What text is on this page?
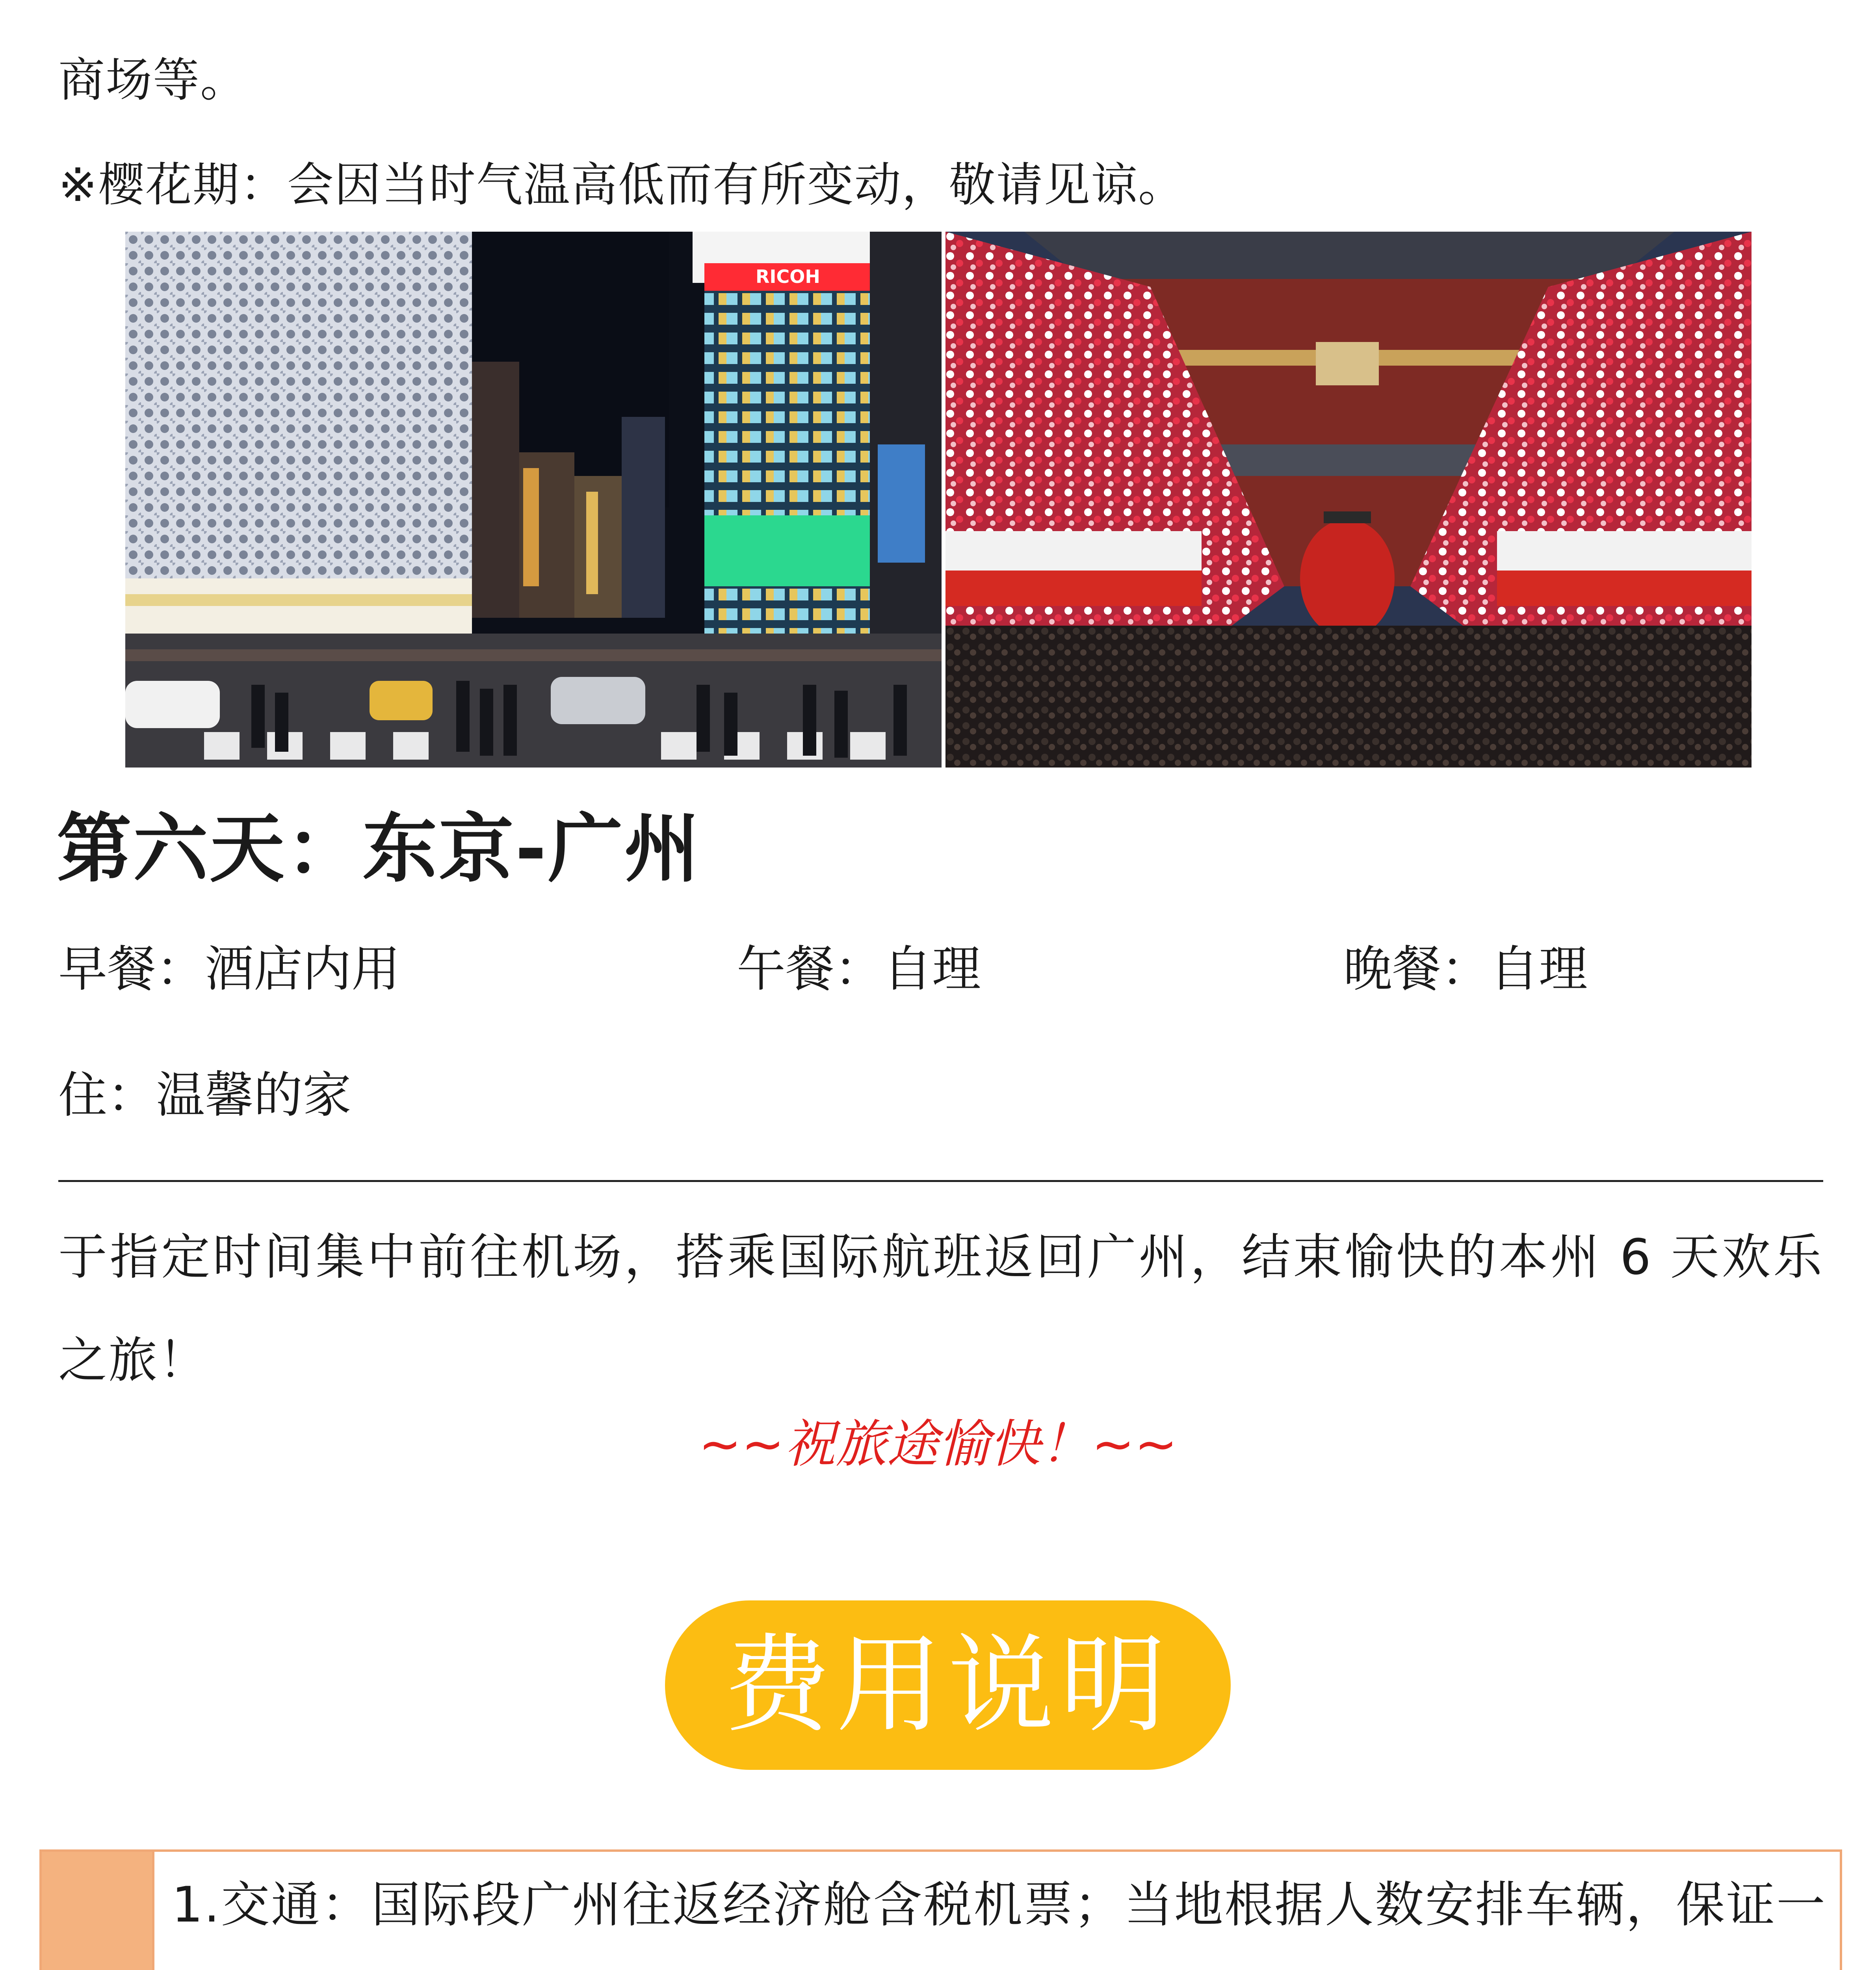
商场等。
※樱花期：会因当时气温高低而有所变动，敬请见谅。
RICOH
第六天：东京-广州
早餐：酒店内用	午餐：自理	晚餐：自理
住：温馨的家
于指定时间集中前往机场，搭乘国际航班返回广州，结束愉快的本州 6 天欢乐之旅！
~~祝旅途愉快！~~
费用说明

1.交通：国际段广州往返经济舱含税机票；当地根据人数安排车辆，保证一
